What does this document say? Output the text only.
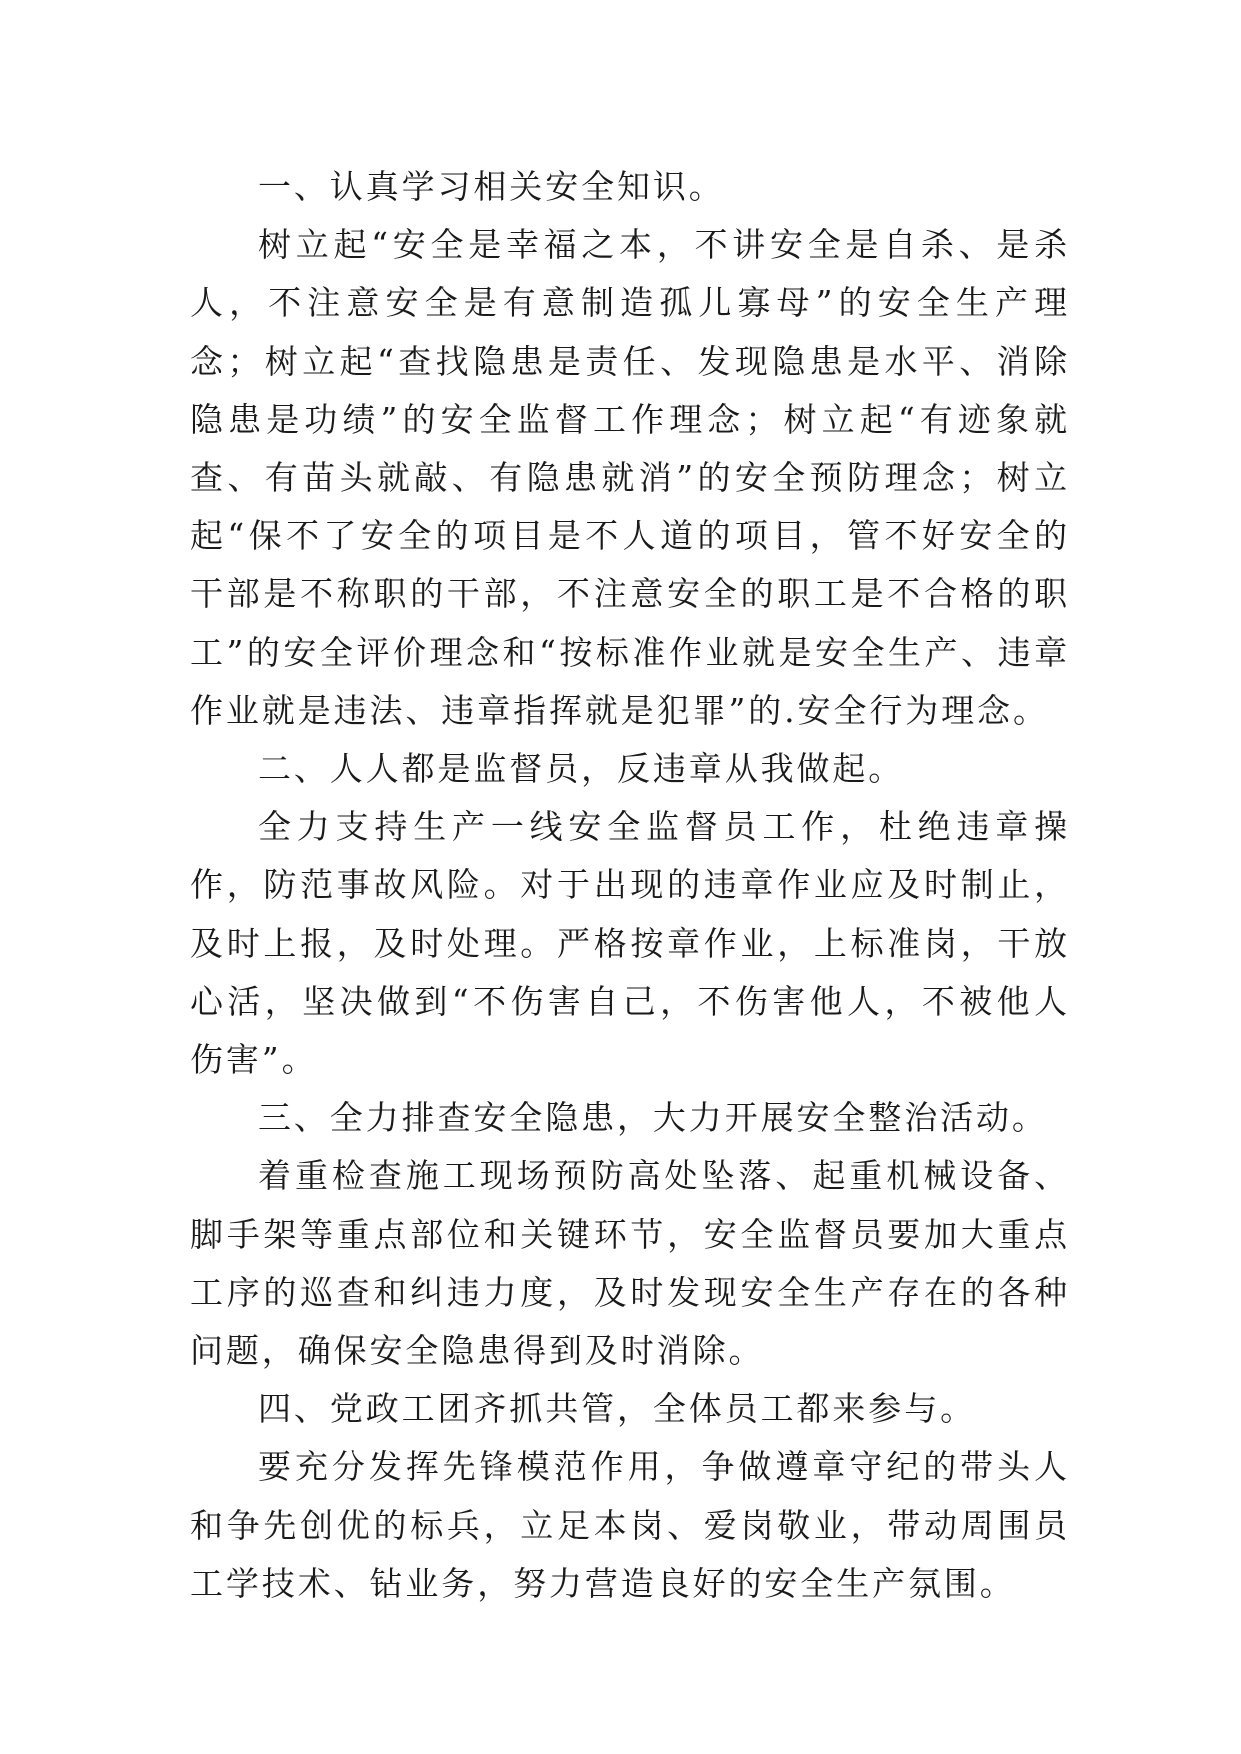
一、认真学习相关安全知识。

树立起“安全是幸福之本，不讲安全是自杀、是杀人，不注意安全是有意制造孤儿寡母”的安全生产理念；树立起“查找隐患是责任、发现隐患是水平、消除隐患是功绩”的安全监督工作理念；树立起“有迹象就查、有苗头就敲、有隐患就消”的安全预防理念；树立起“保不了安全的项目是不人道的项目，管不好安全的干部是不称职的干部，不注意安全的职工是不合格的职工”的安全评价理念和“按标准作业就是安全生产、违章作业就是违法、违章指挥就是犯罪”的.安全行为理念。

二、人人都是监督员，反违章从我做起。

全力支持生产一线安全监督员工作，杜绝违章操作，防范事故风险。对于出现的违章作业应及时制止，及时上报，及时处理。严格按章作业，上标准岗，干放心活，坚决做到“不伤害自己，不伤害他人，不被他人伤害”。

三、全力排查安全隐患，大力开展安全整治活动。

着重检查施工现场预防高处坠落、起重机械设备、脚手架等重点部位和关键环节，安全监督员要加大重点工序的巡查和纠违力度，及时发现安全生产存在的各种问题，确保安全隐患得到及时消除。

四、党政工团齐抓共管，全体员工都来参与。

要充分发挥先锋模范作用，争做遵章守纪的带头人和争先创优的标兵，立足本岗、爱岗敬业，带动周围员工学技术、钻业务，努力营造良好的安全生产氛围。
